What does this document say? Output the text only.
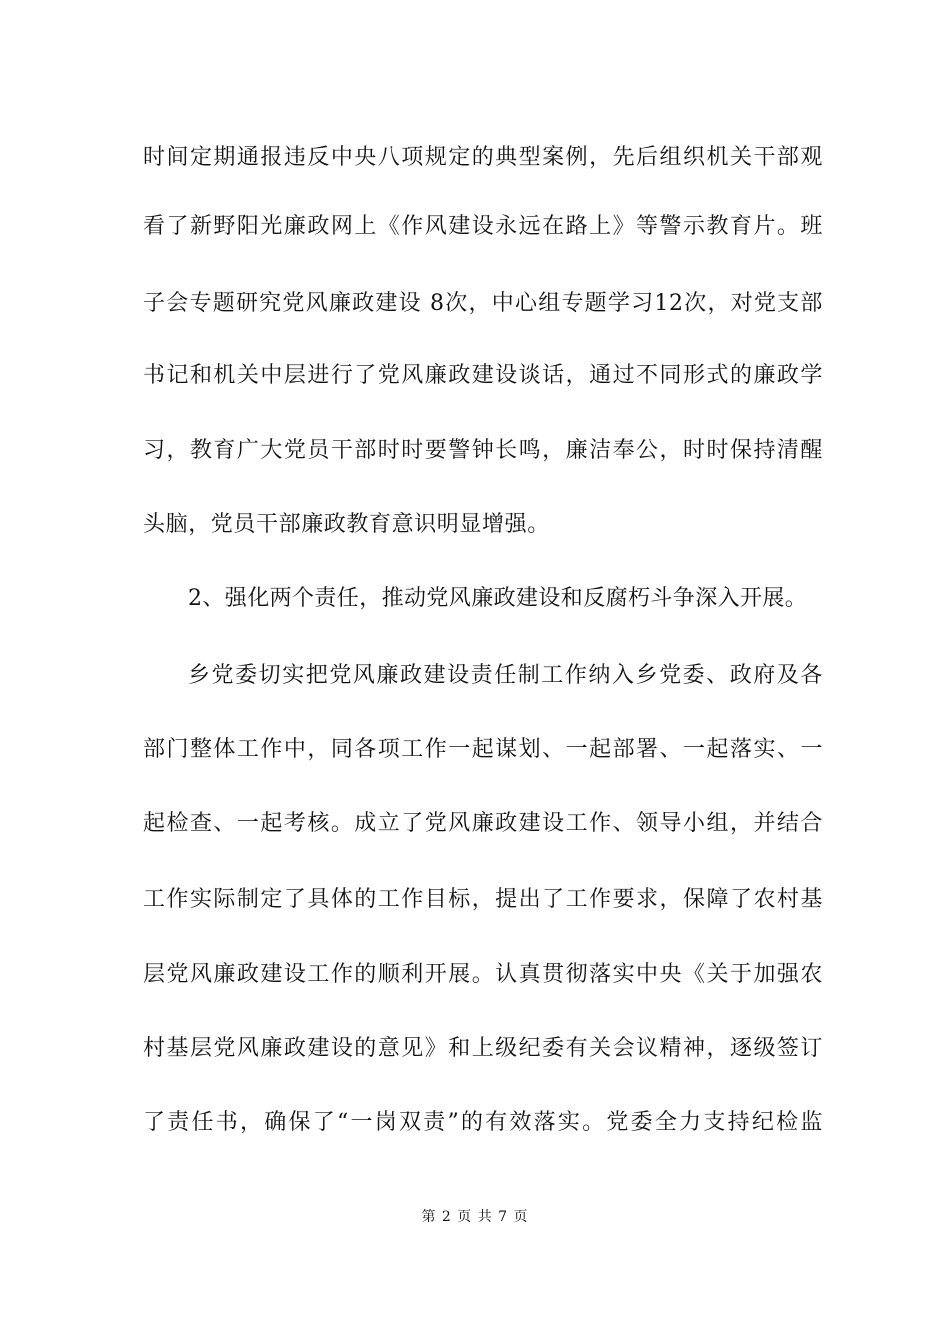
时间定期通报违反中央八项规定的典型案例，先后组织机关干部观
看了新野阳光廉政网上《作风建设永远在路上》等警示教育片。班
子会专题研究党风廉政建设 8次，中心组专题学习12次，对党支部
书记和机关中层进行了党风廉政建设谈话，通过不同形式的廉政学
习，教育广大党员干部时时要警钟长鸣，廉洁奉公，时时保持清醒
头脑，党员干部廉政教育意识明显增强。
2、强化两个责任，推动党风廉政建设和反腐朽斗争深入开展。
乡党委切实把党风廉政建设责任制工作纳入乡党委、政府及各
部门整体工作中，同各项工作一起谋划、一起部署、一起落实、一
起检查、一起考核。成立了党风廉政建设工作、领导小组，并结合
工作实际制定了具体的工作目标，提出了工作要求，保障了农村基
层党风廉政建设工作的顺利开展。认真贯彻落实中央《关于加强农
村基层党风廉政建设的意见》和上级纪委有关会议精神，逐级签订
了责任书，确保了“一岗双责”的有效落实。党委全力支持纪检监
第 2 页 共 7 页
